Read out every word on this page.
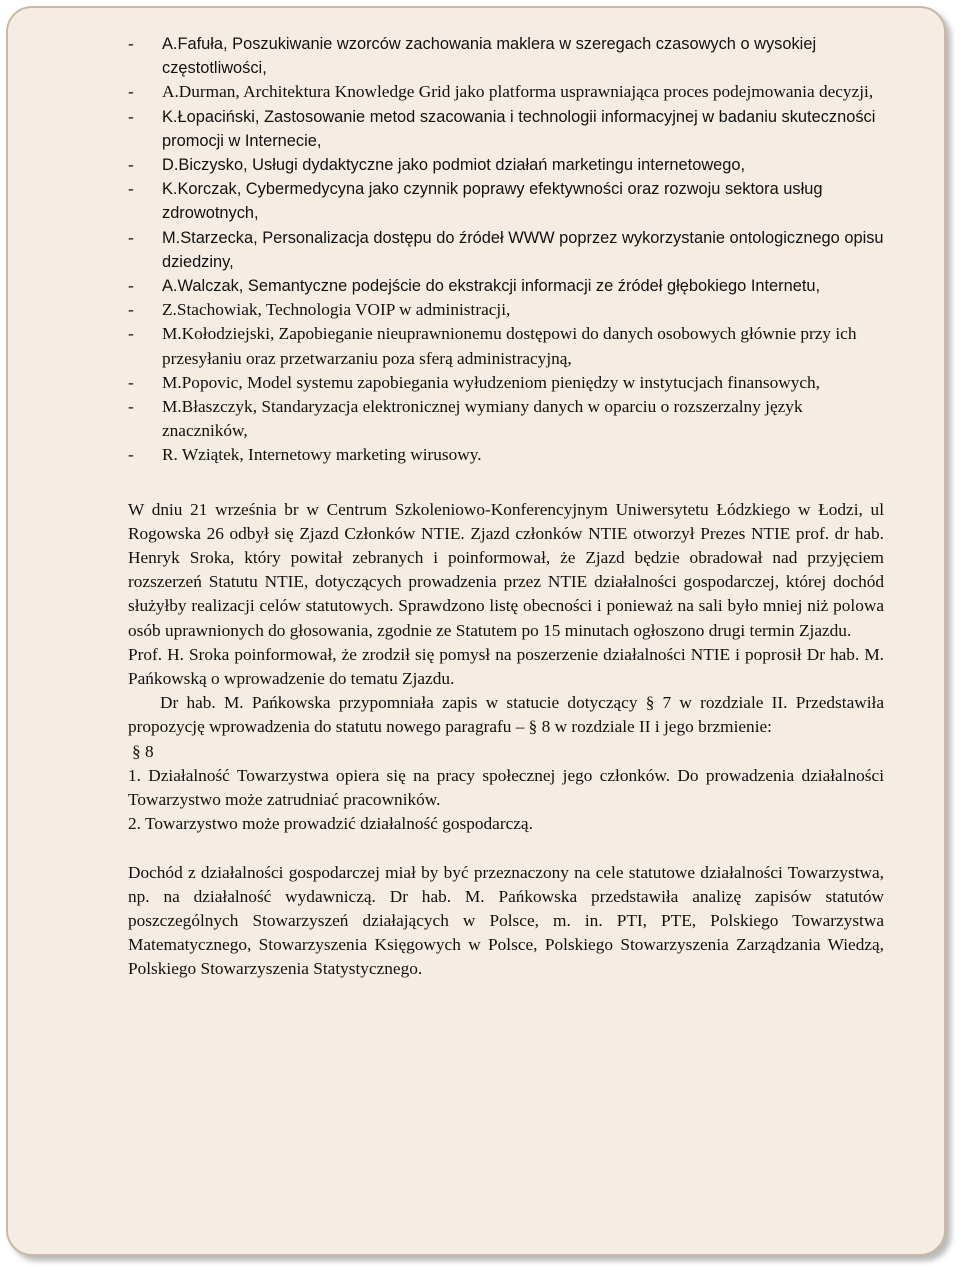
- A.Fafuła, Poszukiwanie wzorców zachowania maklera w szeregach czasowych o wysokiej częstotliwości,
- A.Durman, Architektura Knowledge Grid jako platforma usprawniająca proces podejmowania decyzji,
- K.Łopaciński, Zastosowanie metod szacowania i technologii informacyjnej w badaniu skuteczności promocji w Internecie,
- D.Biczysko, Usługi dydaktyczne jako podmiot działań marketingu internetowego,
- K.Korczak, Cybermedycyna jako czynnik poprawy efektywności oraz rozwoju sektora usług zdrowotnych,
- M.Starzecka, Personalizacja dostępu do źródeł WWW poprzez wykorzystanie ontologicznego opisu dziedziny,
- A.Walczak, Semantyczne podejście do ekstrakcji informacji ze źródeł głębokiego Internetu,
- Z.Stachowiak, Technologia VOIP w administracji,
- M.Kołodziejski, Zapobieganie nieuprawnionemu dostępowi do danych osobowych głównie przy ich przesyłaniu oraz przetwarzaniu poza sferą administracyjną,
- M.Popovic, Model systemu zapobiegania wyłudzeniom pieniędzy w instytucjach finansowych,
- M.Błaszczyk, Standaryzacja elektronicznej wymiany danych w oparciu o rozszerzalny język znaczników,
- R. Wziątek, Internetowy marketing wirusowy.

W dniu 21 września br w Centrum Szkoleniowo-Konferencyjnym Uniwersytetu Łódzkiego w Łodzi, ul Rogowska 26 odbył się Zjazd Członków NTIE. Zjazd członków NTIE otworzył Prezes NTIE prof. dr hab. Henryk Sroka, który powitał zebranych i poinformował, że Zjazd będzie obradował nad przyjęciem rozszerzeń Statutu NTIE, dotyczących prowadzenia przez NTIE działalności gospodarczej, której dochód służyłby realizacji celów statutowych. Sprawdzono listę obecności i ponieważ na sali było mniej niż polowa osób uprawnionych do głosowania, zgodnie ze Statutem po 15 minutach ogłoszono drugi termin Zjazdu.

Prof. H. Sroka poinformował, że zrodził się pomysł na poszerzenie działalności NTIE i poprosił Dr hab. M. Pańkowską o wprowadzenie do tematu Zjazdu.

Dr hab. M. Pańkowska przypomniała zapis w statucie dotyczący § 7 w rozdziale II. Przedstawiła propozycję wprowadzenia do statutu nowego paragrafu – § 8 w rozdziale II i jego brzmienie:

§ 8

1. Działalność Towarzystwa opiera się na pracy społecznej jego członków. Do prowadzenia działalności Towarzystwo może zatrudniać pracowników.

2. Towarzystwo może prowadzić działalność gospodarczą.

Dochód z działalności gospodarczej miał by być przeznaczony na cele statutowe działalności Towarzystwa, np. na działalność wydawniczą. Dr hab. M. Pańkowska przedstawiła analizę zapisów statutów poszczególnych Stowarzyszeń działających w Polsce, m. in. PTI, PTE, Polskiego Towarzystwa Matematycznego, Stowarzyszenia Księgowych w Polsce, Polskiego Stowarzyszenia Zarządzania Wiedzą, Polskiego Stowarzyszenia Statystycznego.
